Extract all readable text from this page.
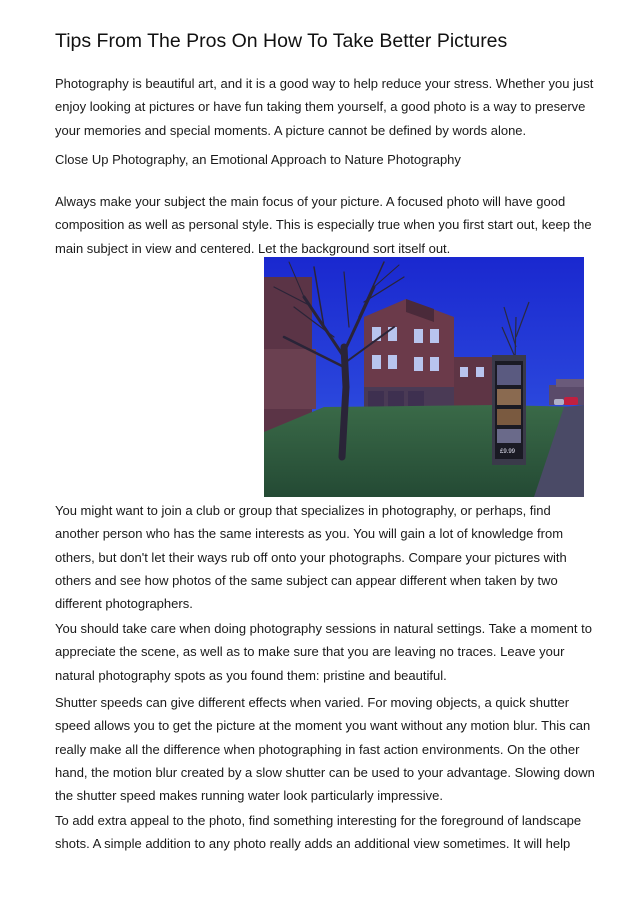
Tips From The Pros On How To Take Better Pictures

Photography is beautiful art, and it is a good way to help reduce your stress. Whether you just enjoy looking at pictures or have fun taking them yourself, a good photo is a way to preserve your memories and special moments. A picture cannot be defined by words alone.

Close Up Photography, an Emotional Approach to Nature Photography

Always make your subject the main focus of your picture. A focused photo will have good composition as well as personal style. This is especially true when you first start out, keep the main subject in view and centered. Let the background sort itself out.

£9.99

You might want to join a club or group that specializes in photography, or perhaps, find another person who has the same interests as you. You will gain a lot of knowledge from others, but don't let their ways rub off onto your photographs. Compare your pictures with others and see how photos of the same subject can appear different when taken by two different photographers.

You should take care when doing photography sessions in natural settings. Take a moment to appreciate the scene, as well as to make sure that you are leaving no traces. Leave your natural photography spots as you found them: pristine and beautiful.

Shutter speeds can give different effects when varied. For moving objects, a quick shutter speed allows you to get the picture at the moment you want without any motion blur. This can really make all the difference when photographing in fast action environments. On the other hand, the motion blur created by a slow shutter can be used to your advantage. Slowing down the shutter speed makes running water look particularly impressive.

To add extra appeal to the photo, find something interesting for the foreground of landscape shots. A simple addition to any photo really adds an additional view sometimes. It will help
